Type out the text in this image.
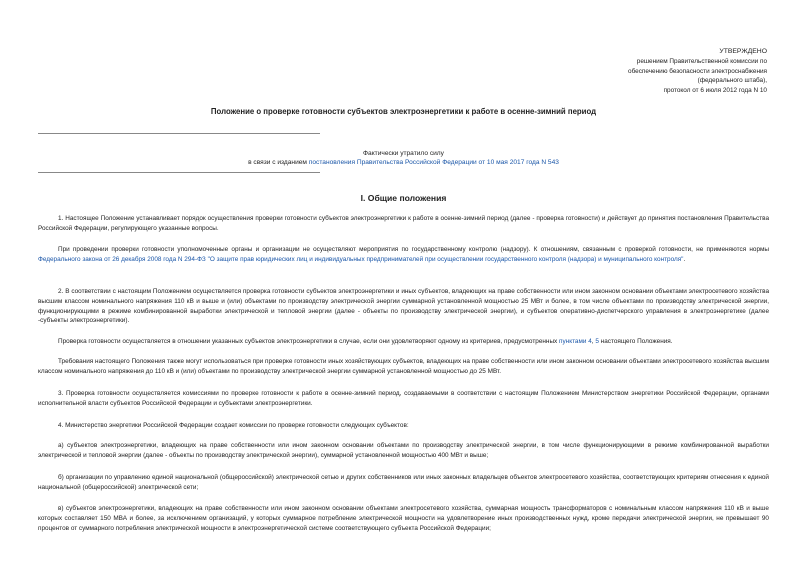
УТВЕРЖДЕНО
решением Правительственной комиссии по
обеспечению безопасности электроснабжения
(федерального штаба),
протокол от 6 июля 2012 года N 10
Положение о проверке готовности субъектов электроэнергетики к работе в осенне-зимний период
Фактически утратило силу
в связи с изданием постановления Правительства Российской Федерации от 10 мая 2017 года N 543
I. Общие положения
1. Настоящее Положение устанавливает порядок осуществления проверки готовности субъектов электроэнергетики к работе в осенне-зимний период (далее - проверка готовности) и действует до принятия постановления Правительства Российской Федерации, регулирующего указанные вопросы.
При проведении проверки готовности уполномоченные органы и организации не осуществляют мероприятия по государственному контролю (надзору). К отношениям, связанным с проверкой готовности, не применяются нормы Федерального закона от 26 декабря 2008 года N 294-ФЗ "О защите прав юридических лиц и индивидуальных предпринимателей при осуществлении государственного контроля (надзора) и муниципального контроля".
2. В соответствии с настоящим Положением осуществляется проверка готовности субъектов электроэнергетики и иных субъектов, владеющих на праве собственности или ином законном основании объектами электросетевого хозяйства высшим классом номинального напряжения 110 кВ и выше и (или) объектами по производству электрической энергии суммарной установленной мощностью 25 МВт и более, в том числе объектами по производству электрической энергии, функционирующими в режиме комбинированной выработки электрической и тепловой энергии (далее - объекты по производству электрической энергии), и субъектов оперативно-диспетчерского управления в электроэнергетике (далее -субъекты электроэнергетики).
Проверка готовности осуществляется в отношении указанных субъектов электроэнергетики в случае, если они удовлетворяют одному из критериев, предусмотренных пунктами 4, 5 настоящего Положения.
Требования настоящего Положения также могут использоваться при проверке готовности иных хозяйствующих субъектов, владеющих на праве собственности или ином законном основании объектами электросетевого хозяйства высшим классом номинального напряжения до 110 кВ и (или) объектами по производству электрической энергии суммарной установленной мощностью до 25 МВт.
3. Проверка готовности осуществляется комиссиями по проверке готовности к работе в осенне-зимний период, создаваемыми в соответствии с настоящим Положением Министерством энергетики Российской Федерации, органами исполнительной власти субъектов Российской Федерации и субъектами электроэнергетики.
4. Министерство энергетики Российской Федерации создает комиссии по проверке готовности следующих субъектов:
а) субъектов электроэнергетики, владеющих на праве собственности или ином законном основании объектами по производству электрической энергии, в том числе функционирующими в режиме комбинированной выработки электрической и тепловой энергии (далее - объекты по производству электрической энергии), суммарной установленной мощностью 400 МВт и выше;
б) организации по управлению единой национальной (общероссийской) электрической сетью и других собственников или иных законных владельцев объектов электросетевого хозяйства, соответствующих критериям отнесения к единой национальной (общероссийской) электрической сети;
в) субъектов электроэнергетики, владеющих на праве собственности или ином законном основании объектами электросетевого хозяйства, суммарная мощность трансформаторов с номинальным классом напряжения 110 кВ и выше которых составляет 150 МВА и более, за исключением организаций, у которых суммарное потребление электрической мощности на удовлетворение иных производственных нужд, кроме передачи электрической энергии, не превышает 90 процентов от суммарного потребления электрической мощности в электроэнергетической системе соответствующего субъекта Российской Федерации;
